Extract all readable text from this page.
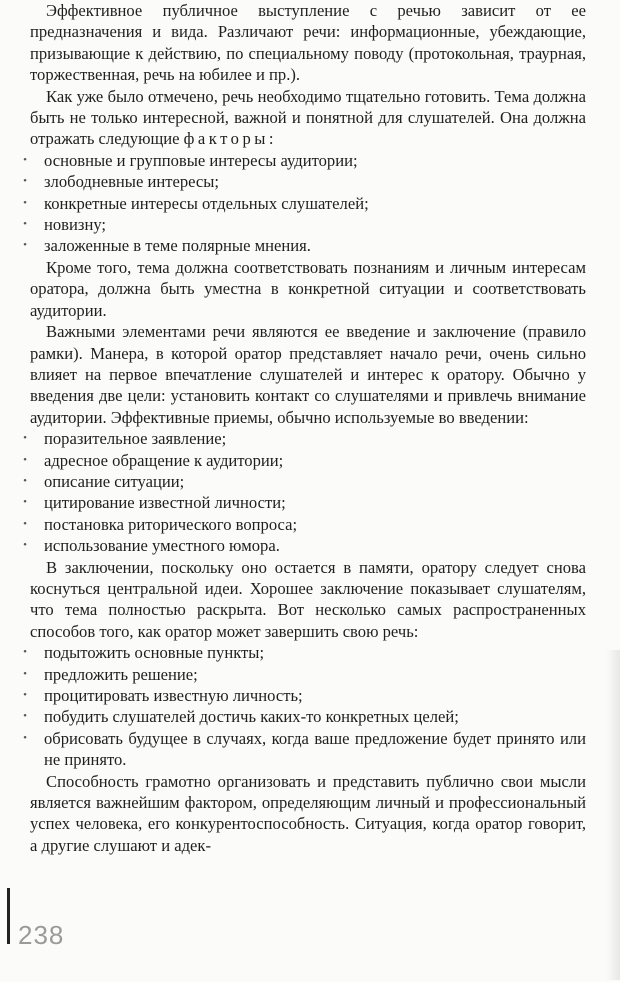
Эффективное публичное выступление с речью зависит от ее предназначения и вида. Различают речи: информационные, убеждающие, призывающие к действию, по специальному поводу (протокольная, траурная, торжественная, речь на юбилее и пр.).

Как уже было отмечено, речь необходимо тщательно готовить. Тема должна быть не только интересной, важной и понятной для слушателей. Она должна отражать следующие факторы:

•	основные и групповые интересы аудитории;
•	злободневные интересы;
•	конкретные интересы отдельных слушателей;
•	новизну;
•	заложенные в теме полярные мнения.

Кроме того, тема должна соответствовать познаниям и личным интересам оратора, должна быть уместна в конкретной ситуации и соответствовать аудитории.

Важными элементами речи являются ее введение и заключение (правило рамки). Манера, в которой оратор представляет начало речи, очень сильно влияет на первое впечатление слушателей и интерес к оратору. Обычно у введения две цели: установить контакт со слушателями и привлечь внимание аудитории. Эффективные приемы, обычно используемые во введении:

•	поразительное заявление;
•	адресное обращение к аудитории;
•	описание ситуации;
•	цитирование известной личности;
•	постановка риторического вопроса;
•	использование уместного юмора.

В заключении, поскольку оно остается в памяти, оратору следует снова коснуться центральной идеи. Хорошее заключение показывает слушателям, что тема полностью раскрыта. Вот несколько самых распространенных способов того, как оратор может завершить свою речь:

•	подытожить основные пункты;
•	предложить решение;
•	процитировать известную личность;
•	побудить слушателей достичь каких-то конкретных целей;
•	обрисовать будущее в случаях, когда ваше предложение будет принято или не принято.

Способность грамотно организовать и представить публично свои мысли является важнейшим фактором, определяющим личный и профессиональный успех человека, его конкурентоспособность. Ситуация, когда оратор говорит, а другие слушают и адек-

238
